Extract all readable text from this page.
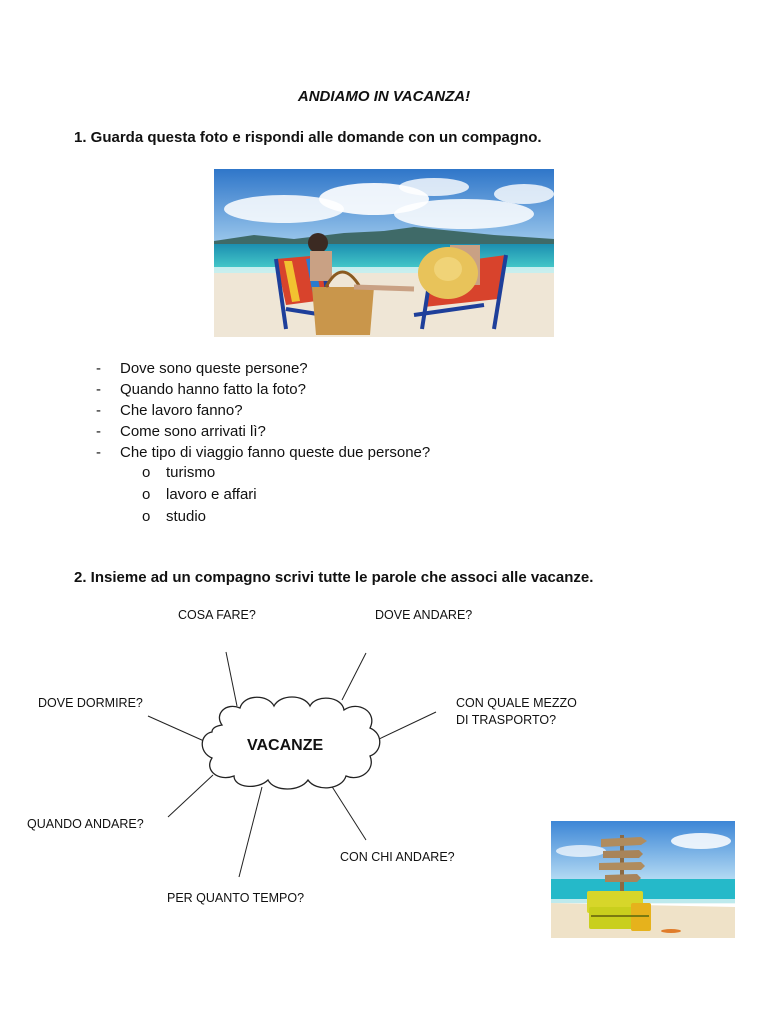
ANDIAMO IN VACANZA!
1. Guarda questa foto e rispondi alle domande con un compagno.
- Dove sono queste persone?
- Quando hanno fatto la foto?
- Che lavoro fanno?
- Come sono arrivati lì?
- Che tipo di viaggio fanno queste due persone?
o turismo
o lavoro e affari
o studio
2. Insieme ad un compagno scrivi tutte le parole che associ alle vacanze.
VACANZE
COSA FARE?	DOVE ANDARE?
DOVE DORMIRE?	CON QUALE MEZZO
DI TRASPORTO?
QUANDO ANDARE?
CON CHI ANDARE?
PER QUANTO TEMPO?
